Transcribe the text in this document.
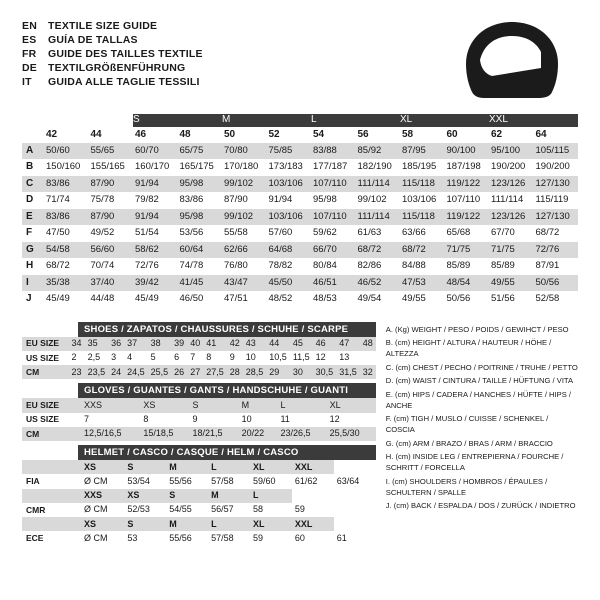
EN	TEXTILE SIZE GUIDE
ES	GUÍA DE TALLAS
FR	GUIDE DES TAILLES TEXTILE
DE	TEXTILGRÖßENFÜHRUNG
IT	GUIDA ALLE TAGLIE TESSILI
			S		M		L		XL		XXL	
	42	44	46	48	50	52	54	56	58	60	62	64
A	50/60	55/65	60/70	65/75	70/80	75/85	83/88	85/92	87/95	90/100	95/100	105/115
B	150/160	155/165	160/170	165/175	170/180	173/183	177/187	182/190	185/195	187/198	190/200	190/200
C	83/86	87/90	91/94	95/98	99/102	103/106	107/110	111/114	115/118	119/122	123/126	127/130
D	71/74	75/78	79/82	83/86	87/90	91/94	95/98	99/102	103/106	107/110	111/114	115/119
E	83/86	87/90	91/94	95/98	99/102	103/106	107/110	111/114	115/118	119/122	123/126	127/130
F	47/50	49/52	51/54	53/56	55/58	57/60	59/62	61/63	63/66	65/68	67/70	68/72
G	54/58	56/60	58/62	60/64	62/66	64/68	66/70	68/72	68/72	71/75	71/75	72/76
H	68/72	70/74	72/76	74/78	76/80	78/82	80/84	82/86	84/88	85/89	85/89	87/91
I	35/38	37/40	39/42	41/45	43/47	45/50	46/51	46/52	47/53	48/54	49/55	50/56
J	45/49	44/48	45/49	46/50	47/51	48/52	48/53	49/54	49/55	50/56	51/56	52/58
SHOES / ZAPATOS / CHAUSSURES / SCHUHE / SCARPE
EU SIZE	34	35	36	37	38	39	40	41	42	43	44	45	46	47	48
US SIZE	2	2,5	3	4	5	6	7	8	9	10	10,5	11,5	12	13	
CM	23	23,5	24	24,5	25,5	26	27	27,5	28	28,5	29	30	30,5	31,5	32
GLOVES / GUANTES / GANTS / HANDSCHUHE / GUANTI
EU SIZE	XXS	XS	S	M	L	XL
US SIZE	7	8	9	10	11	12
CM	12,5/16,5	15/18,5	18/21,5	20/22	23/26,5	25,5/30
HELMET / CASCO / CASQUE / HELM / CASCO
	XS	S	M	L	XL	XXL	
FIA	Ø CM	53/54	55/56	57/58	59/60	61/62	63/64
	XXS	XS	S	M	L		
CMR	Ø CM	52/53	54/55	56/57	58	59	
	XS	S	M	L	XL	XXL	
ECE	Ø CM	53	55/56	57/58	59	60	61
A. (Kg) WEIGHT / PESO / POIDS / GEWIHCT / PESO
B. (cm) HEIGHT / ALTURA / HAUTEUR / HÖHE / ALTEZZA
C. (cm) CHEST / PECHO / POITRINE / TRUHE / PETTO
D. (cm) WAIST / CINTURA / TAILLE / HÜFTUNG / VITA
E. (cm) HIPS / CADERA / HANCHES / HÜFTE / HIPS / ANCHE
F. (cm) TIGH / MUSLO / CUISSE / SCHENKEL / COSCIA
G. (cm) ARM / BRAZO / BRAS / ARM / BRACCIO
H. (cm) INSIDE LEG / ENTREPIERNA / FOURCHE / SCHRITT / FORCELLA
I. (cm) SHOULDERS / HOMBROS / ÉPAULES / SCHULTERN / SPALLE
J. (cm) BACK / ESPALDA / DOS / ZURÜCK / INDIETRO
